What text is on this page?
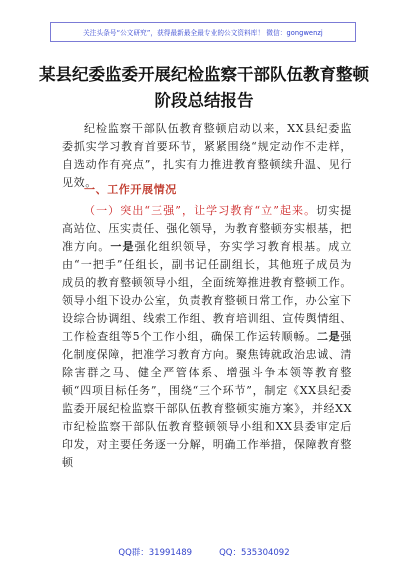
关注头条号“公文研究”，获得最新最全最专业的公文资料库！ 微信：gongwenzj
某县纪委监委开展纪检监察干部队伍教育整顿阶段总结报告
纪检监察干部队伍教育整顿启动以来，XX县纪委监委抓实学习教育首要环节，紧紧围绕“规定动作不走样，自选动作有亮点”，扎实有力推进教育整顿续升温、见行见效。
一、工作开展情况
（一）突出“三强”，让学习教育“立”起来。切实提高站位、压实责任、强化领导，为教育整顿夯实根基，把准方向。一是强化组织领导，夯实学习教育根基。成立由“一把手”任组长，副书记任副组长，其他班子成员为成员的教育整顿领导小组，全面统筹推进教育整顿工作。领导小组下设办公室，负责教育整顿日常工作，办公室下设综合协调组、线索工作组、教育培训组、宣传舆情组、工作检查组等5个工作小组，确保工作运转顺畅。二是强化制度保障，把准学习教育方向。聚焦铸就政治忠诚、清除害群之马、健全严管体系、增强斗争本领等教育整顿“四项目标任务”，围绕“三个环节”，制定《XX县纪委监委开展纪检监察干部队伍教育整顿实施方案》，并经XX市纪检监察干部队伍教育整顿领导小组和XX县委审定后印发，对主要任务逐一分解，明确工作举措，保障教育整顿
QQ群：31991489	QQ：535304092
